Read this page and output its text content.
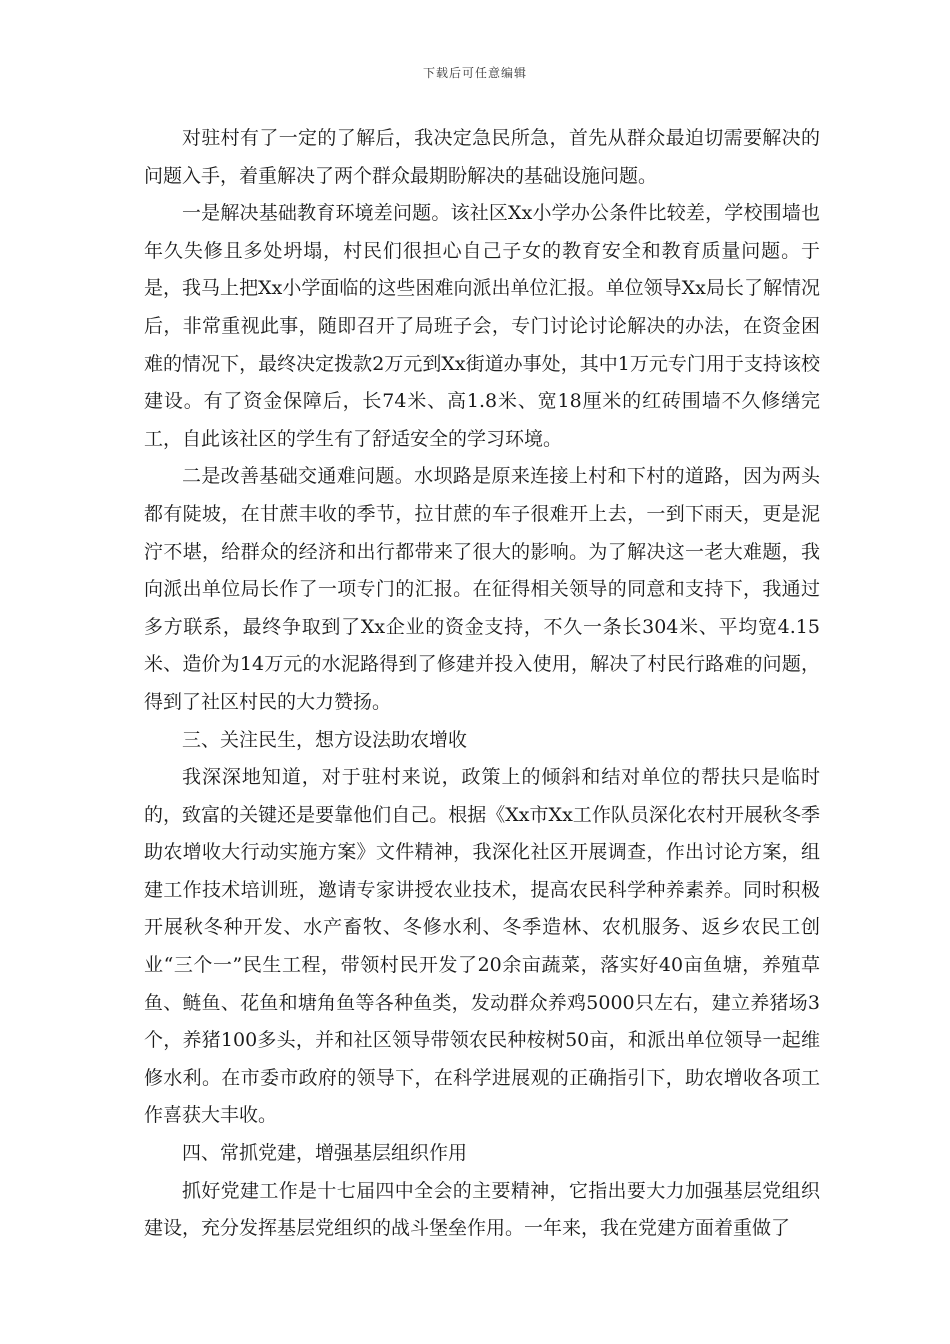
下载后可任意编辑

对驻村有了一定的了解后，我决定急民所急，首先从群众最迫切需要解决的问题入手，着重解决了两个群众最期盼解决的基础设施问题。

一是解决基础教育环境差问题。该社区Xx小学办公条件比较差，学校围墙也年久失修且多处坍塌，村民们很担心自己子女的教育安全和教育质量问题。于是，我马上把Xx小学面临的这些困难向派出单位汇报。单位领导Xx局长了解情况后，非常重视此事，随即召开了局班子会，专门讨论讨论解决的办法，在资金困难的情况下，最终决定拨款2万元到Xx街道办事处，其中1万元专门用于支持该校建设。有了资金保障后，长74米、高1.8米、宽18厘米的红砖围墙不久修缮完工，自此该社区的学生有了舒适安全的学习环境。

二是改善基础交通难问题。水坝路是原来连接上村和下村的道路，因为两头都有陡坡，在甘蔗丰收的季节，拉甘蔗的车子很难开上去，一到下雨天，更是泥泞不堪，给群众的经济和出行都带来了很大的影响。为了解决这一老大难题，我向派出单位局长作了一项专门的汇报。在征得相关领导的同意和支持下，我通过多方联系，最终争取到了Xx企业的资金支持，不久一条长304米、平均宽4.15米、造价为14万元的水泥路得到了修建并投入使用，解决了村民行路难的问题，得到了社区村民的大力赞扬。

三、关注民生，想方设法助农增收

我深深地知道，对于驻村来说，政策上的倾斜和结对单位的帮扶只是临时的，致富的关键还是要靠他们自己。根据《Xx市Xx工作队员深化农村开展秋冬季助农增收大行动实施方案》文件精神，我深化社区开展调查，作出讨论方案，组建工作技术培训班，邀请专家讲授农业技术，提高农民科学种养素养。同时积极开展秋冬种开发、水产畜牧、冬修水利、冬季造林、农机服务、返乡农民工创业“三个一”民生工程，带领村民开发了20余亩蔬菜，落实好40亩鱼塘，养殖草鱼、鲢鱼、花鱼和塘角鱼等各种鱼类，发动群众养鸡5000只左右，建立养猪场3个，养猪100多头，并和社区领导带领农民种桉树50亩，和派出单位领导一起维修水利。在市委市政府的领导下，在科学进展观的正确指引下，助农增收各项工作喜获大丰收。

四、常抓党建，增强基层组织作用

抓好党建工作是十七届四中全会的主要精神，它指出要大力加强基层党组织建设，充分发挥基层党组织的战斗堡垒作用。一年来，我在党建方面着重做了
